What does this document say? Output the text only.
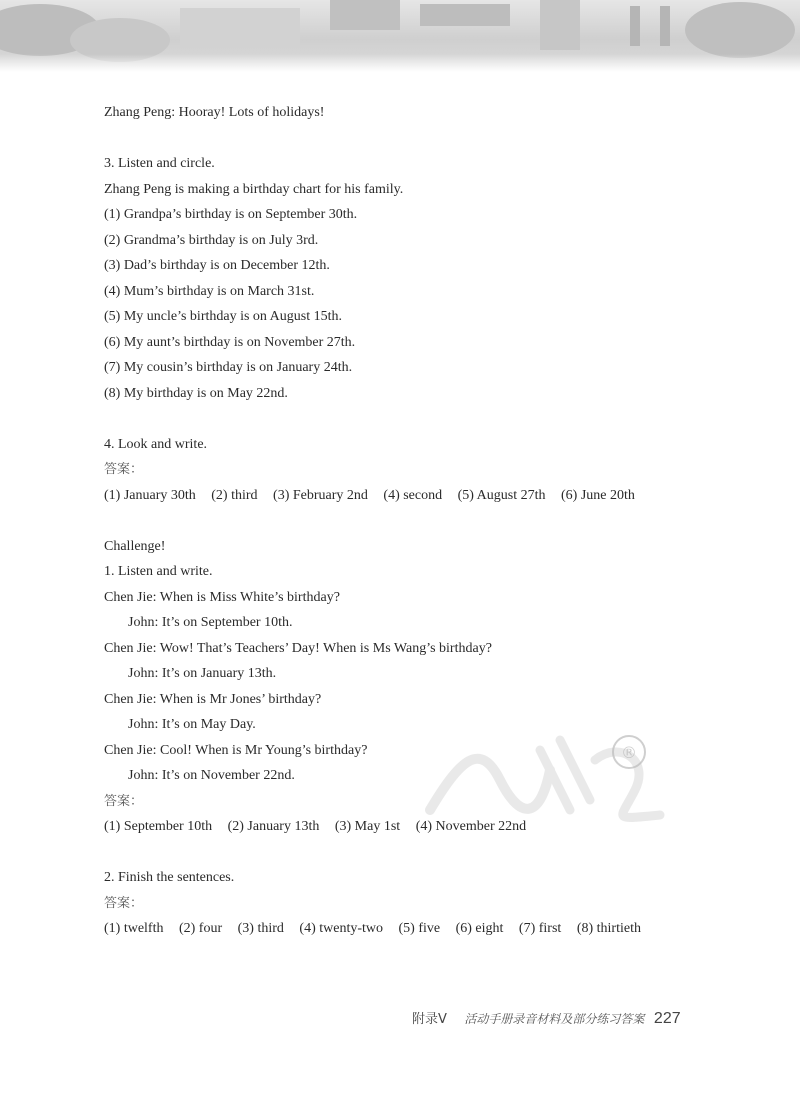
Zhang Peng: Hooray! Lots of holidays!
3. Listen and circle.
Zhang Peng is making a birthday chart for his family.
(1) Grandpa’s birthday is on September 30th.
(2) Grandma’s birthday is on July 3rd.
(3) Dad’s birthday is on December 12th.
(4) Mum’s birthday is on March 31st.
(5) My uncle’s birthday is on August 15th.
(6) My aunt’s birthday is on November 27th.
(7) My cousin’s birthday is on January 24th.
(8) My birthday is on May 22nd.
4. Look and write.
答案：
(1) January 30th (2) third (3) February 2nd (4) second (5) August 27th (6) June 20th
Challenge!
1. Listen and write.
Chen Jie: When is Miss White’s birthday?
John: It’s on September 10th.
Chen Jie: Wow! That’s Teachers’ Day! When is Ms Wang’s birthday?
John: It’s on January 13th.
Chen Jie: When is Mr Jones’ birthday?
John: It’s on May Day.
Chen Jie: Cool! When is Mr Young’s birthday?
John: It’s on November 22nd.
答案：
(1) September 10th (2) January 13th (3) May 1st (4) November 22nd
2. Finish the sentences.
答案：
(1) twelfth (2) four (3) third (4) twenty-two (5) five (6) eight (7) first (8) thirtieth
®
附录V 活动手册录音材料及部分练习答案 227
